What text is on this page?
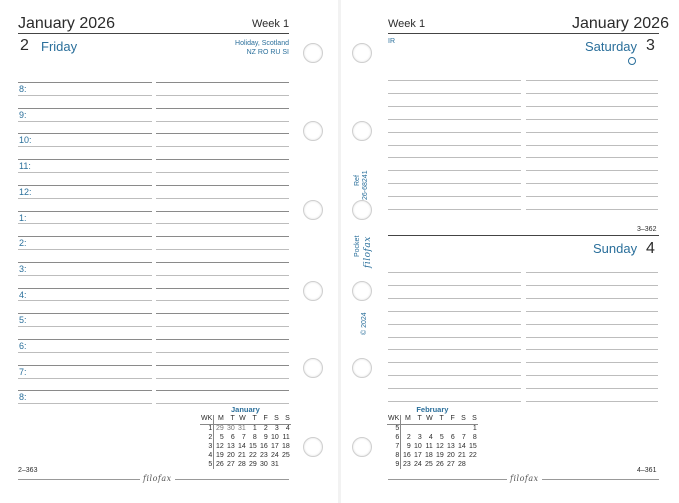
January 2026	Week 1
2 Friday	Holiday, Scotland
NZ RO RU SI
8:
9:
10:
11:
12:
1:
2:
3:
4:
5:
6:
7:
8:
January
WK	M	T	W	T	F	S	S
1	29	30	31	1	2	3	4
2	5	6	7	8	9	10	11
3	12	13	14	15	16	17	18
4	19	20	21	22	23	24	25
5	26	27	28	29	30	31	
2–363
filofax
Week 1	January 2026
IR	Saturday 3
3–362
Sunday 4
February
WK	M	T	W	T	F	S	S
5							1
6	2	3	4	5	6	7	8
7	9	10	11	12	13	14	15
8	16	17	18	19	20	21	22
9	23	24	25	26	27	28	
filofax
4–361
Ref 26-68241
Pocket filofax
© 2024
